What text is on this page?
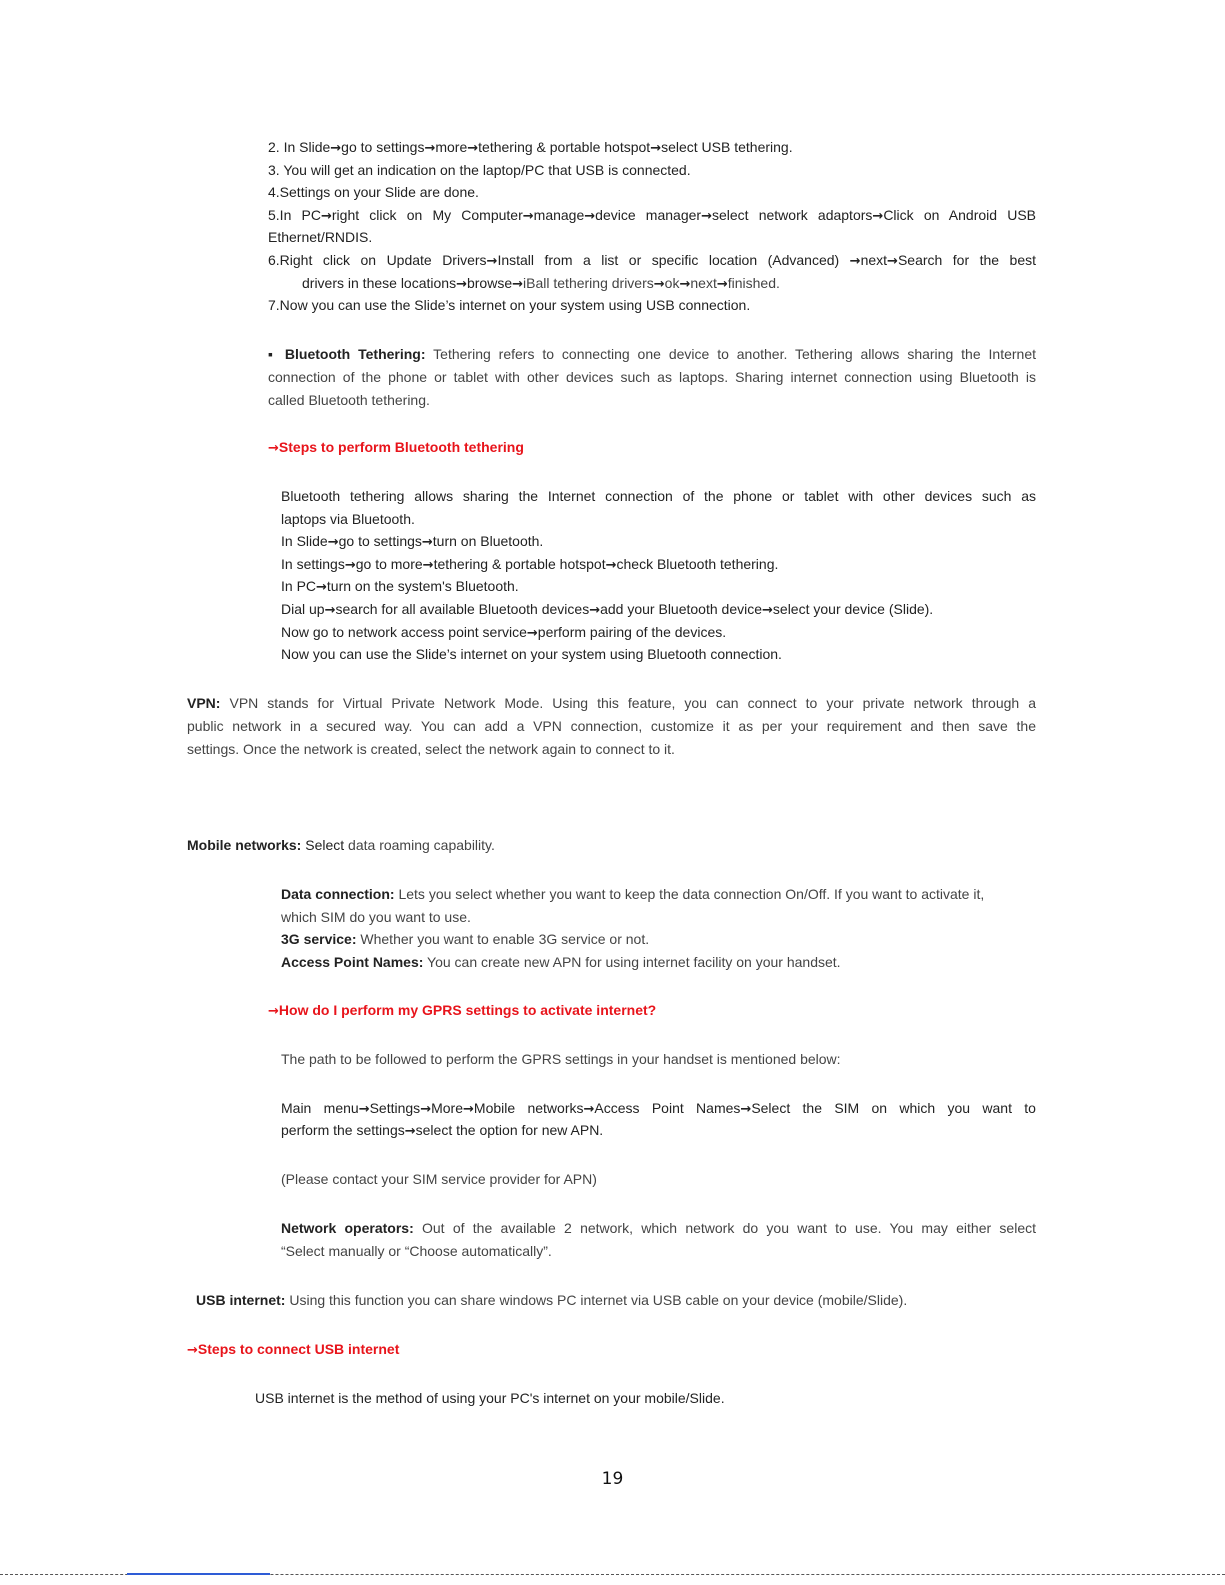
2. In Slide→go to settings→more→tethering & portable hotspot→select USB tethering.
3. You will get an indication on the laptop/PC that USB is connected.
4.Settings on your Slide are done.
5.In PC→right click on My Computer→manage→device manager→select network adaptors→Click on Android USB
Ethernet/RNDIS.
6.Right click on Update Drivers→Install from a list or specific location (Advanced) →next→Search for the best
drivers in these locations→browse→iBall tethering drivers→ok→next→finished.
7.Now you can use the Slide’s internet on your system using USB connection.
▪ Bluetooth Tethering: Tethering refers to connecting one device to another. Tethering allows sharing the Internet
connection of the phone or tablet with other devices such as laptops. Sharing internet connection using Bluetooth is
called Bluetooth tethering.
→Steps to perform Bluetooth tethering
Bluetooth tethering allows sharing the Internet connection of the phone or tablet with other devices such as
laptops via Bluetooth.
In Slide→go to settings→turn on Bluetooth.
In settings→go to more→tethering & portable hotspot→check Bluetooth tethering.
In PC→turn on the system's Bluetooth.
Dial up→search for all available Bluetooth devices→add your Bluetooth device→select your device (Slide).
Now go to network access point service→perform pairing of the devices.
Now you can use the Slide’s internet on your system using Bluetooth connection.
VPN: VPN stands for Virtual Private Network Mode. Using this feature, you can connect to your private network through a
public network in a secured way. You can add a VPN connection, customize it as per your requirement and then save the
settings. Once the network is created, select the network again to connect to it.
Mobile networks: Select data roaming capability.
Data connection: Lets you select whether you want to keep the data connection On/Off. If you want to activate it,
which SIM do you want to use.
3G service: Whether you want to enable 3G service or not.
Access Point Names: You can create new APN for using internet facility on your handset.
→How do I perform my GPRS settings to activate internet?
The path to be followed to perform the GPRS settings in your handset is mentioned below:
Main menu→Settings→More→Mobile networks→Access Point Names→Select the SIM on which you want to
perform the settings→select the option for new APN.
(Please contact your SIM service provider for APN)
Network operators: Out of the available 2 network, which network do you want to use. You may either select
“Select manually or “Choose automatically”.
USB internet: Using this function you can share windows PC internet via USB cable on your device (mobile/Slide).
→Steps to connect USB internet
USB internet is the method of using your PC's internet on your mobile/Slide.
19
